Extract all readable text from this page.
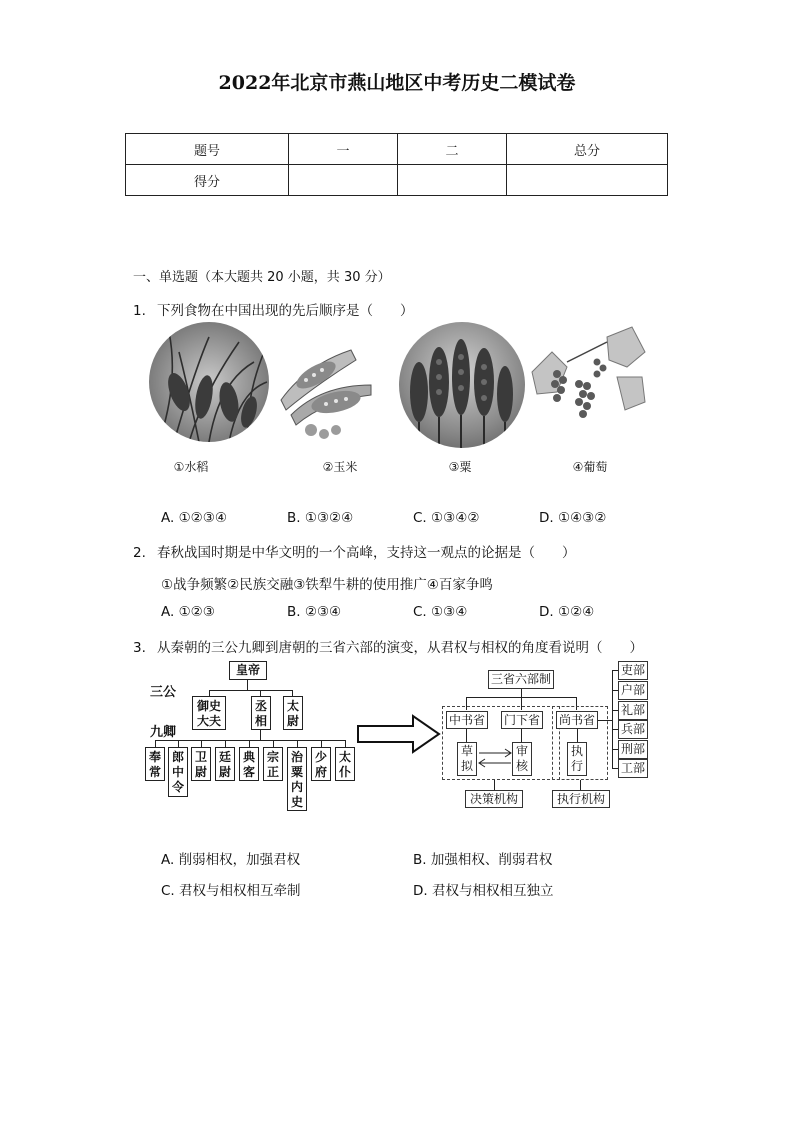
2022年北京市燕山地区中考历史二模试卷
题号	一	二	总分
得分			
一、单选题（本大题共 20 小题，共 30 分）
1. 下列食物在中国出现的先后顺序是（　　）
①水稻	②玉米	③粟	④葡萄
A. ①②③④	B. ①③②④	C. ①③④②	D. ①④③②
2. 春秋战国时期是中华文明的一个高峰，支持这一观点的论据是（　　）
①战争频繁②民族交融③铁犁牛耕的使用推广④百家争鸣
A. ①②③	B. ②③④	C. ①③④	D. ①②④
3. 从秦朝的三公九卿到唐朝的三省六部的演变，从君权与相权的角度看说明（　　）
皇帝
三公
九卿
御史
大夫
丞
相
太
尉
奉
常
郎
中
令
卫
尉
廷
尉
典
客
宗
正
治
粟
内
史
少
府
太
仆
三省六部制
中书省 门下省 尚书省
草
拟
审
核
执
行
决策机构	执行机构
吏部
户部
礼部
兵部
刑部
工部
A. 削弱相权，加强君权	B. 加强相权、削弱君权
C. 君权与相权相互牵制	D. 君权与相权相互独立
